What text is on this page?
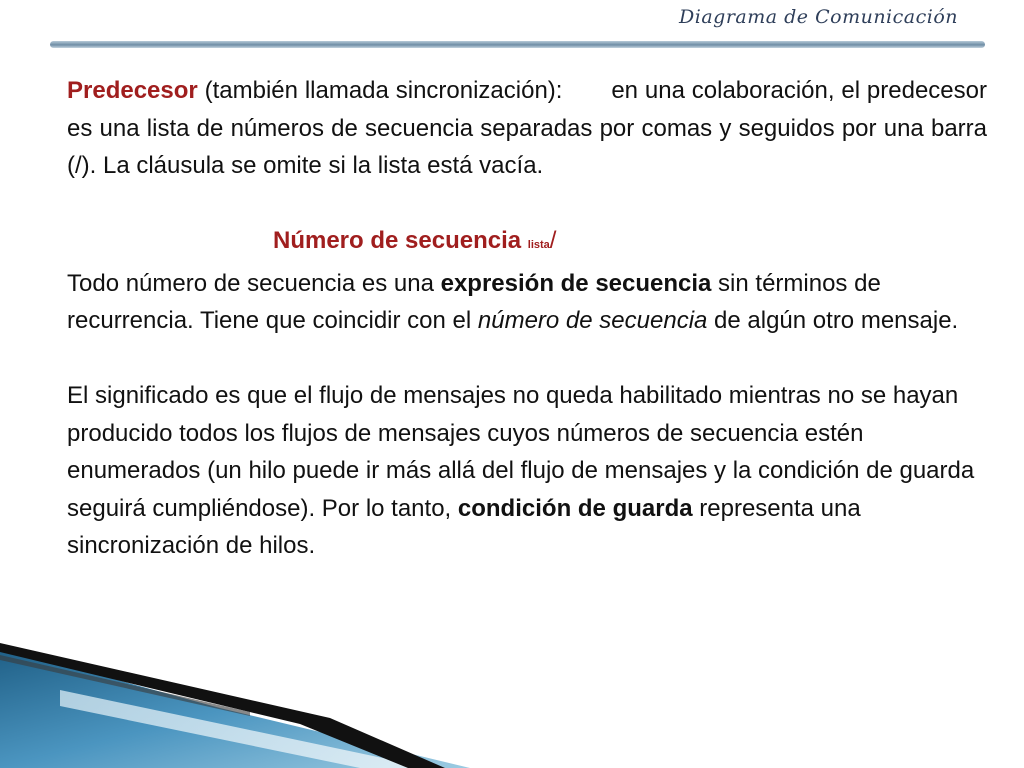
Diagrama de Comunicación

Predecesor (también llamada sincronización): en una colaboración, el predecesor es una lista de números de secuencia separadas por comas y seguidos por una barra (/). La cláusula se omite si la lista está vacía.

Número de secuencia lista/

Todo número de secuencia es una expresión de secuencia sin términos de recurrencia. Tiene que coincidir con el número de secuencia de algún otro mensaje.

El significado es que el flujo de mensajes no queda habilitado mientras no se hayan producido todos los flujos de mensajes cuyos números de secuencia estén enumerados (un hilo puede ir más allá del flujo de mensajes y la condición de guarda seguirá cumpliéndose). Por lo tanto, condición de guarda representa una sincronización de hilos.
